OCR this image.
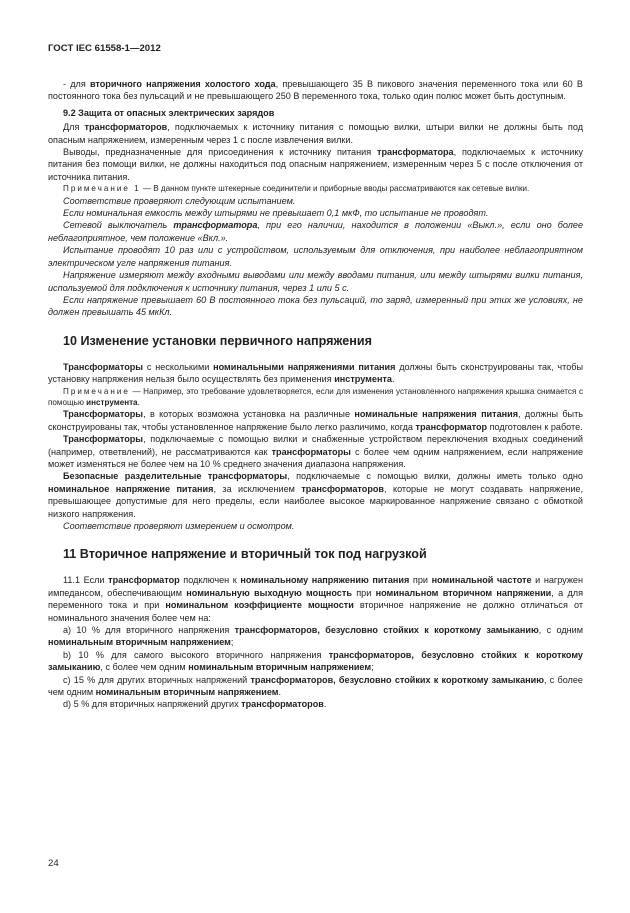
ГОСТ IEC 61558-1—2012

- для вторичного напряжения холостого хода, превышающего 35 В пикового значения переменного тока или 60 В постоянного тока без пульсаций и не превышающего 250 В переменного тока, только один полюс может быть доступным.

9.2 Защита от опасных электрических зарядов

Для трансформаторов, подключаемых к источнику питания с помощью вилки, штыри вилки не должны быть под опасным напряжением, измеренным через 1 с после извлечения вилки.

Выводы, предназначенные для присоединения к источнику питания трансформатора, подключаемых к источнику питания без помощи вилки, не должны находиться под опасным напряжением, измеренным через 5 с после отключения от источника питания.

Примечание 1 — В данном пункте штекерные соединители и приборные вводы рассматриваются как сетевые вилки.

Соответствие проверяют следующим испытанием.

Если номинальная емкость между штырями не превышает 0,1 мкФ, то испытание не проводят.

Сетевой выключатель трансформатора, при его наличии, находится в положении «Выкл.», если оно более неблагоприятное, чем положение «Вкл.».

Испытание проводят 10 раз или с устройством, используемым для отключения, при наиболее неблагоприятном электрическом угле напряжения питания.

Напряжение измеряют между входными выводами или между вводами питания, или между штырями вилки питания, используемой для подключения к источнику питания, через 1 или 5 с.

Если напряжение превышает 60 В постоянного тока без пульсаций, то заряд, измеренный при этих же условиях, не должен превышать 45 мкКл.

10 Изменение установки первичного напряжения

Трансформаторы с несколькими номинальными напряжениями питания должны быть сконструированы так, чтобы установку напряжения нельзя было осуществлять без применения инструмента.

Примечание — Например, это требование удовлетворяется, если для изменения установленного напряжения крышка снимается с помощью инструмента.

Трансформаторы, в которых возможна установка на различные номинальные напряжения питания, должны быть сконструированы так, чтобы установленное напряжение было легко различимо, когда трансформатор подготовлен к работе.

Трансформаторы, подключаемые с помощью вилки и снабженные устройством переключения входных соединений (например, ответвлений), не рассматриваются как трансформаторы с более чем одним напряжением, если напряжение может изменяться не более чем на 10 % среднего значения диапазона напряжения.

Безопасные разделительные трансформаторы, подключаемые с помощью вилки, должны иметь только одно номинальное напряжение питания, за исключением трансформаторов, которые не могут создавать напряжение, превышающее допустимые для него пределы, если наиболее высокое маркированное напряжение связано с обмоткой низкого напряжения.

Соответствие проверяют измерением и осмотром.

11 Вторичное напряжение и вторичный ток под нагрузкой

11.1 Если трансформатор подключен к номинальному напряжению питания при номинальной частоте и нагружен импедансом, обеспечивающим номинальную выходную мощность при номинальном вторичном напряжении, а для переменного тока и при номинальном коэффициенте мощности вторичное напряжение не должно отличаться от номинального значения более чем на:

a) 10 % для вторичного напряжения трансформаторов, безусловно стойких к короткому замыканию, с одним номинальным вторичным напряжением;

b) 10 % для самого высокого вторичного напряжения трансформаторов, безусловно стойких к короткому замыканию, с более чем одним номинальным вторичным напряжением;

c) 15 % для других вторичных напряжений трансформаторов, безусловно стойких к короткому замыканию, с более чем одним номинальным вторичным напряжением.

d) 5 % для вторичных напряжений других трансформаторов.

24
